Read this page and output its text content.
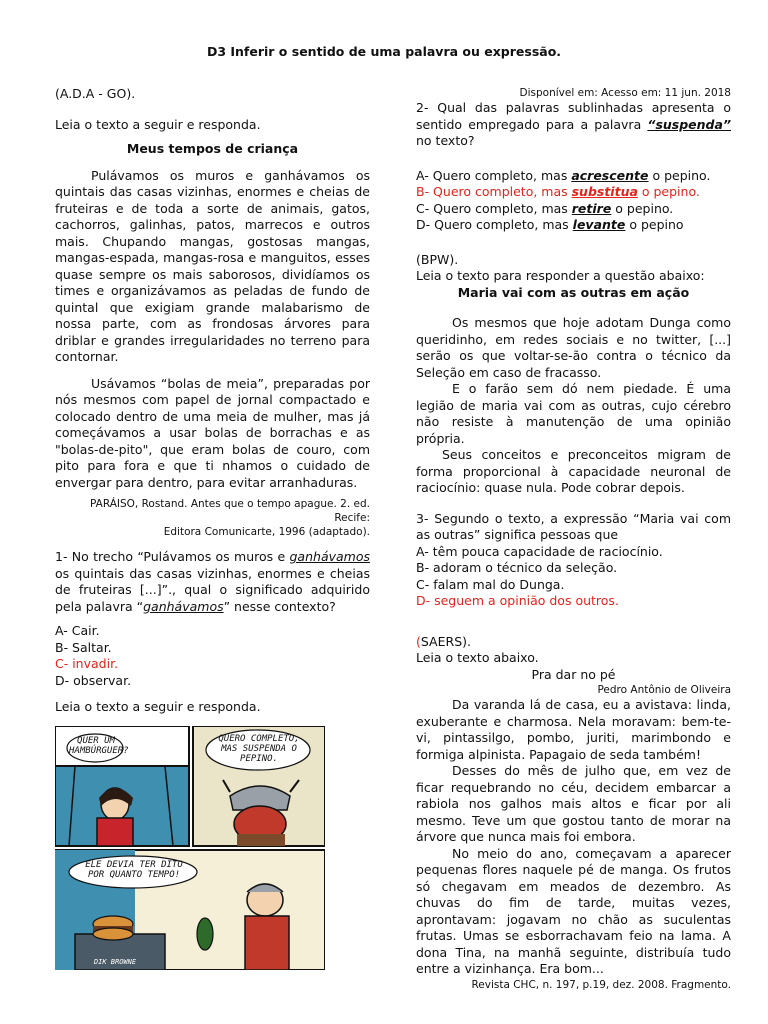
D3 Inferir o sentido de uma palavra ou expressão.

(A.D.A - GO).

Leia o texto a seguir e responda.

Meus tempos de criança

Pulávamos os muros e ganhávamos os quintais das casas vizinhas, enormes e cheias de fruteiras e de toda a sorte de animais, gatos, cachorros, galinhas, patos, marrecos e outros mais. Chupando mangas, gostosas mangas, mangas-espada, mangas-rosa e manguitos, esses quase sempre os mais saborosos, dividíamos os times e organizávamos as peladas de fundo de quintal que exigiam grande malabarismo de nossa parte, com as frondosas árvores para driblar e grandes irregularidades no terreno para contornar.

Usávamos “bolas de meia”, preparadas por nós mesmos com papel de jornal compactado e colocado dentro de uma meia de mulher, mas já começávamos a usar bolas de borrachas e as "bolas-de-pito", que eram bolas de couro, com pito para fora e que ti nhamos o cuidado de envergar para dentro, para evitar arranhaduras.

PARÁISO, Rostand. Antes que o tempo apague. 2. ed. Recife:

Editora Comunicarte, 1996 (adaptado).

1- No trecho “Pulávamos os muros e ganhávamos os quintais das casas vizinhas, enormes e cheias de fruteiras [...]”., qual o significado adquirido pela palavra “ganhávamos” nesse contexto?

A- Cair.

B- Saltar.

C- invadir.

D- observar.

Leia o texto a seguir e responda.

QUER UM HAMBÚRGUER?
QUERO COMPLETO, MAS SUSPENDA O PEPINO.
ELE DEVIA TER DITO POR QUANTO TEMPO!
DIK BROWNE

Disponível em: Acesso em: 11 jun. 2018

2- Qual das palavras sublinhadas apresenta o sentido empregado para a palavra “suspenda” no texto?

A- Quero completo, mas acrescente o pepino.

B- Quero completo, mas substitua o pepino.

C- Quero completo, mas retire o pepino.

D- Quero completo, mas levante o pepino

(BPW).

Leia o texto para responder a questão abaixo:

Maria vai com as outras em ação

Os mesmos que hoje adotam Dunga como queridinho, em redes sociais e no twitter, [...] serão os que voltar-se-ão contra o técnico da Seleção em caso de fracasso.

E o farão sem dó nem piedade. É uma legião de maria vai com as outras, cujo cérebro não resiste à manutenção de uma opinião própria.

Seus conceitos e preconceitos migram de forma proporcional à capacidade neuronal de raciocínio: quase nula. Pode cobrar depois.

3- Segundo o texto, a expressão “Maria vai com as outras” significa pessoas que

A- têm pouca capacidade de raciocínio.

B- adoram o técnico da seleção.

C- falam mal do Dunga.

D- seguem a opinião dos outros.

(SAERS).

Leia o texto abaixo.

Pra dar no pé

Pedro Antônio de Oliveira

Da varanda lá de casa, eu a avistava: linda, exuberante e charmosa. Nela moravam: bem-te-vi, pintassilgo, pombo, juriti, marimbondo e formiga alpinista. Papagaio de seda também!

Desses do mês de julho que, em vez de ficar requebrando no céu, decidem embarcar a rabiola nos galhos mais altos e ficar por ali mesmo. Teve um que gostou tanto de morar na árvore que nunca mais foi embora.

No meio do ano, começavam a aparecer pequenas flores naquele pé de manga. Os frutos só chegavam em meados de dezembro. As chuvas do fim de tarde, muitas vezes, aprontavam: jogavam no chão as suculentas frutas. Umas se esborrachavam feio na lama. A dona Tina, na manhã seguinte, distribuía tudo entre a vizinhança. Era bom...

Revista CHC, n. 197, p.19, dez. 2008. Fragmento.
